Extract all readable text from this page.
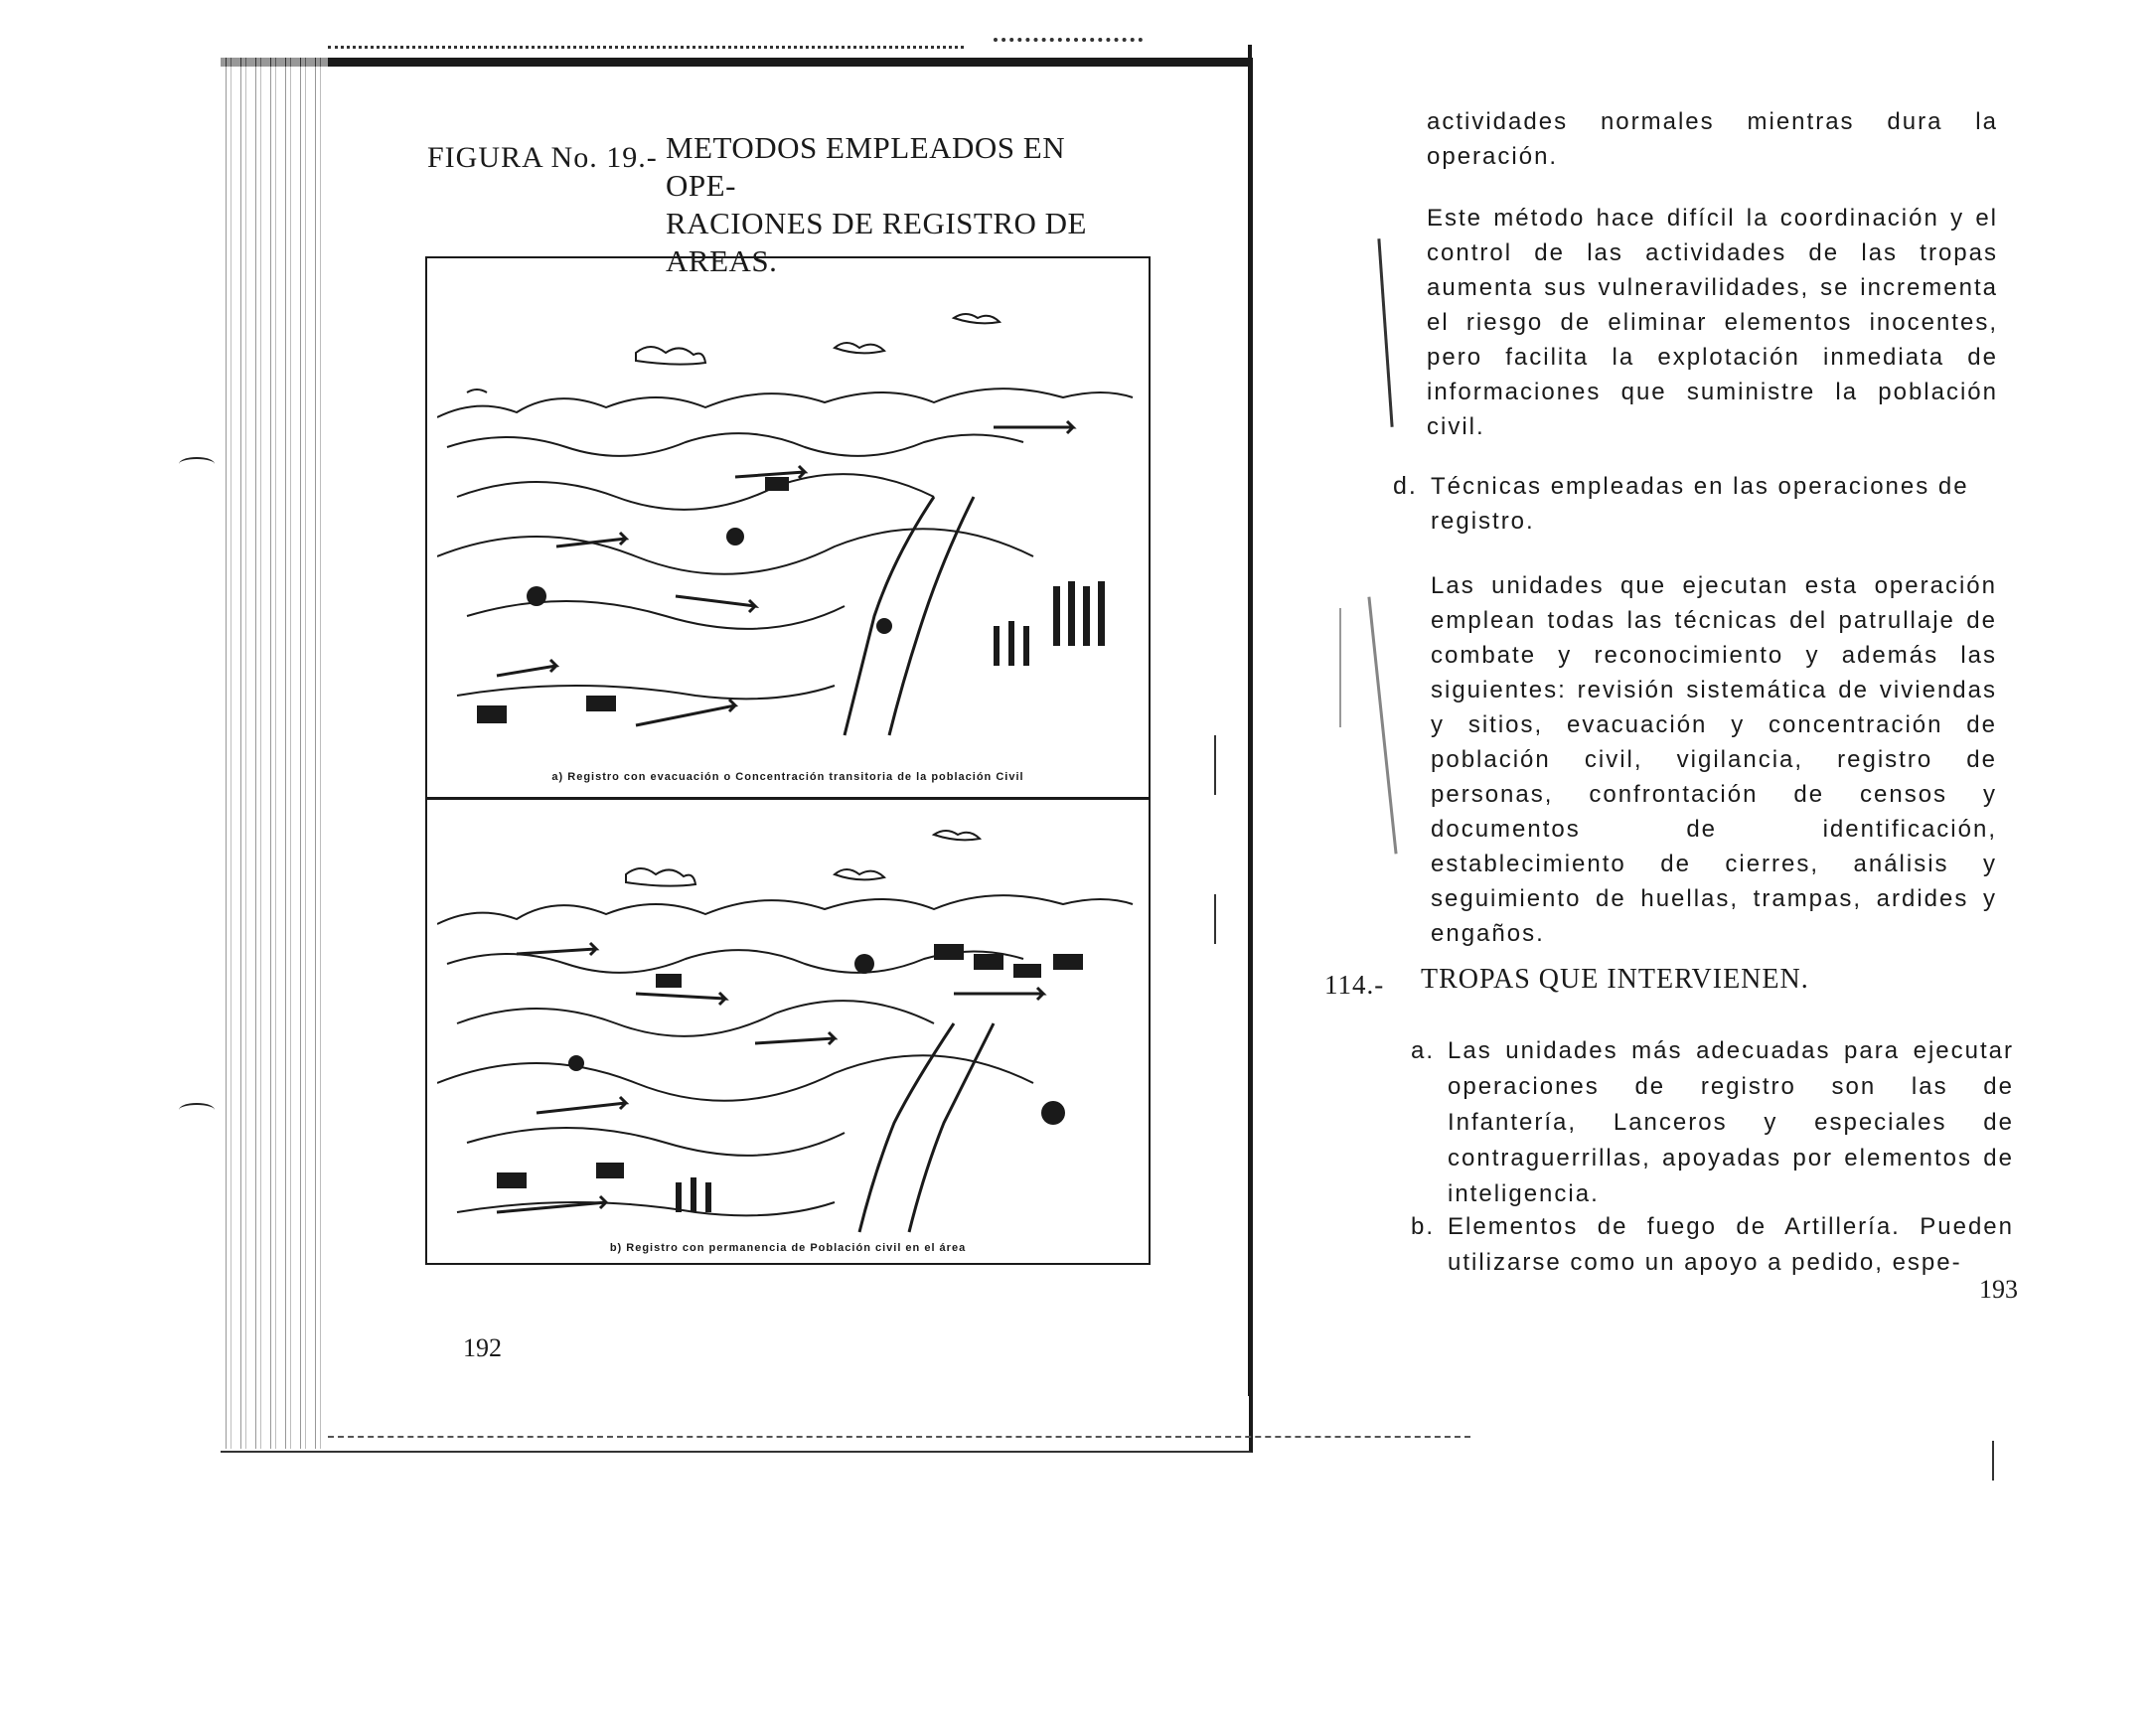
FIGURA No. 19.- METODOS EMPLEADOS EN OPE-
RACIONES DE REGISTRO DE
AREAS.
a) Registro con evacuación o Concentración transitoria de la población Civil
b) Registro con permanencia de Población civil en el área
192
actividades normales mientras dura la operación.
Este método hace difícil la coordinación y el control de las actividades de las tropas aumenta sus vulneravilidades, se incrementa el riesgo de eliminar elementos inocentes, pero facilita la explotación inmediata de informaciones que suministre la población civil.
d. Técnicas empleadas en las operaciones de registro.
Las unidades que ejecutan esta operación emplean todas las técnicas del patrullaje de combate y reconocimiento y además las siguientes: revisión sistemática de viviendas y sitios, evacuación y concentración de población civil, vigilancia, registro de personas, confrontación de censos y documentos de identificación, establecimiento de cierres, análisis y seguimiento de huellas, trampas, ardides y engaños.
114.- TROPAS QUE INTERVIENEN.
a. Las unidades más adecuadas para ejecutar operaciones de registro son las de Infantería, Lanceros y especiales de contraguerrillas, apoyadas por elementos de inteligencia.
b. Elementos de fuego de Artillería. Pueden utilizarse como un apoyo a pedido, espe-
193
